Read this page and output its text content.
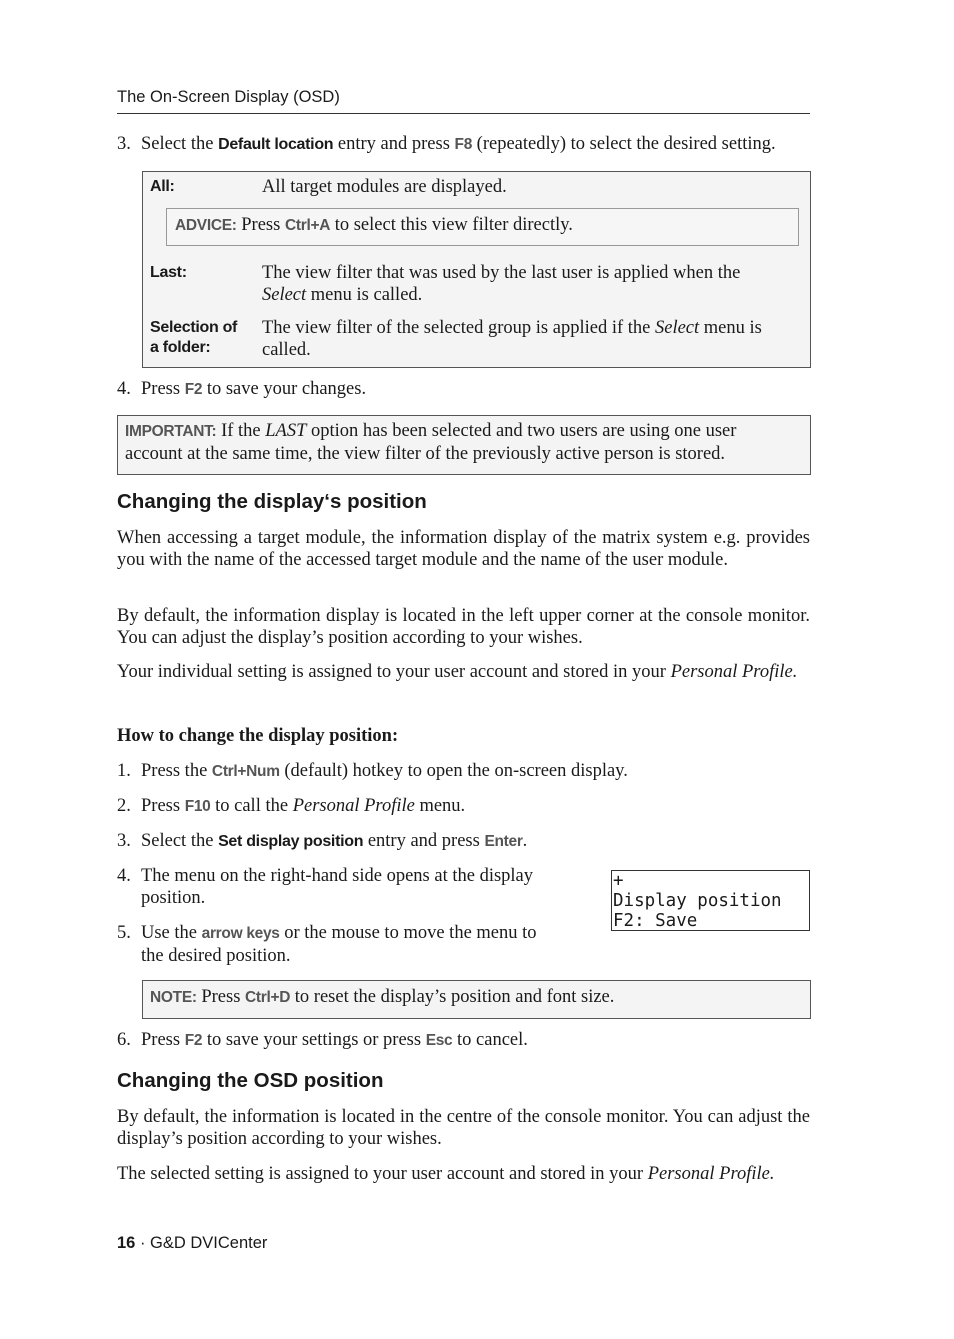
The On-Screen Display (OSD)
3. Select the Default location entry and press F8 (repeatedly) to select the desired setting.
All:	All target modules are displayed.
ADVICE: Press Ctrl+A to select this view filter directly.
Last:	The view filter that was used by the last user is applied when the
Select menu is called.
Selection of
a folder:
The view filter of the selected group is applied if the Select menu is
called.
4. Press F2 to save your changes.
IMPORTANT: If the LAST option has been selected and two users are using one user
account at the same time, the view filter of the previously active person is stored.
Changing the display‘s position
When accessing a target module, the information display of the matrix system e.g. provides you with the name of the accessed target module and the name of the user module.
By default, the information display is located in the left upper corner at the console monitor. You can adjust the display’s position according to your wishes.
Your individual setting is assigned to your user account and stored in your Personal Profile.
How to change the display position:
1. Press the Ctrl+Num (default) hotkey to open the on-screen display.
2. Press F10 to call the Personal Profile menu.
3. Select the Set display position entry and press Enter.
4. The menu on the right-hand side opens at the display
position.
5. Use the arrow keys or the mouse to move the menu to
the desired position.
+
Display position
F2: Save
NOTE: Press Ctrl+D to reset the display’s position and font size.
6. Press F2 to save your settings or press Esc to cancel.
Changing the OSD position
By default, the information is located in the centre of the console monitor. You can adjust the display’s position according to your wishes.
The selected setting is assigned to your user account and stored in your Personal Profile.
16 · G&D DVICenter
